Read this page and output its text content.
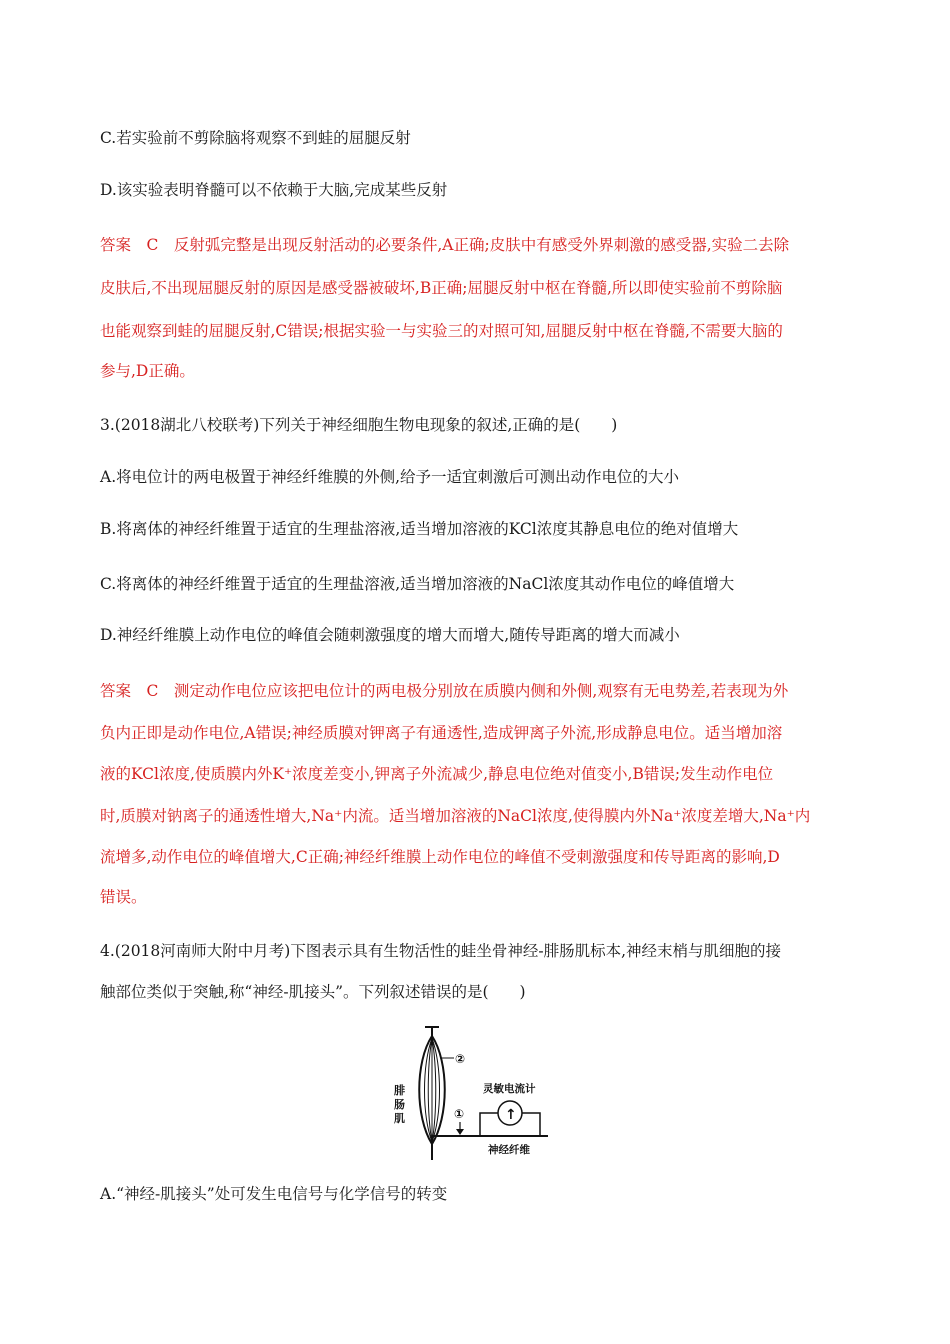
C.若实验前不剪除脑将观察不到蛙的屈腿反射
D.该实验表明脊髓可以不依赖于大脑,完成某些反射
答案　C　反射弧完整是出现反射活动的必要条件,A正确;皮肤中有感受外界刺激的感受器,实验二去除
皮肤后,不出现屈腿反射的原因是感受器被破坏,B正确;屈腿反射中枢在脊髓,所以即使实验前不剪除脑
也能观察到蛙的屈腿反射,C错误;根据实验一与实验三的对照可知,屈腿反射中枢在脊髓,不需要大脑的
参与,D正确。
3.(2018湖北八校联考)下列关于神经细胞生物电现象的叙述,正确的是(　　)
A.将电位计的两电极置于神经纤维膜的外侧,给予一适宜刺激后可测出动作电位的大小
B.将离体的神经纤维置于适宜的生理盐溶液,适当增加溶液的KCl浓度其静息电位的绝对值增大
C.将离体的神经纤维置于适宜的生理盐溶液,适当增加溶液的NaCl浓度其动作电位的峰值增大
D.神经纤维膜上动作电位的峰值会随刺激强度的增大而增大,随传导距离的增大而减小
答案　C　测定动作电位应该把电位计的两电极分别放在质膜内侧和外侧,观察有无电势差,若表现为外
负内正即是动作电位,A错误;神经质膜对钾离子有通透性,造成钾离子外流,形成静息电位。适当增加溶
液的KCl浓度,使质膜内外K⁺浓度差变小,钾离子外流减少,静息电位绝对值变小,B错误;发生动作电位
时,质膜对钠离子的通透性增大,Na⁺内流。适当增加溶液的NaCl浓度,使得膜内外Na⁺浓度差增大,Na⁺内
流增多,动作电位的峰值增大,C正确;神经纤维膜上动作电位的峰值不受刺激强度和传导距离的影响,D
错误。
4.(2018河南师大附中月考)下图表示具有生物活性的蛙坐骨神经-腓肠肌标本,神经末梢与肌细胞的接
触部位类似于突触,称“神经-肌接头”。下列叙述错误的是(　　)
②
腓
肠
肌	①	↑
灵敏电流计
神经纤维
A.“神经-肌接头”处可发生电信号与化学信号的转变
